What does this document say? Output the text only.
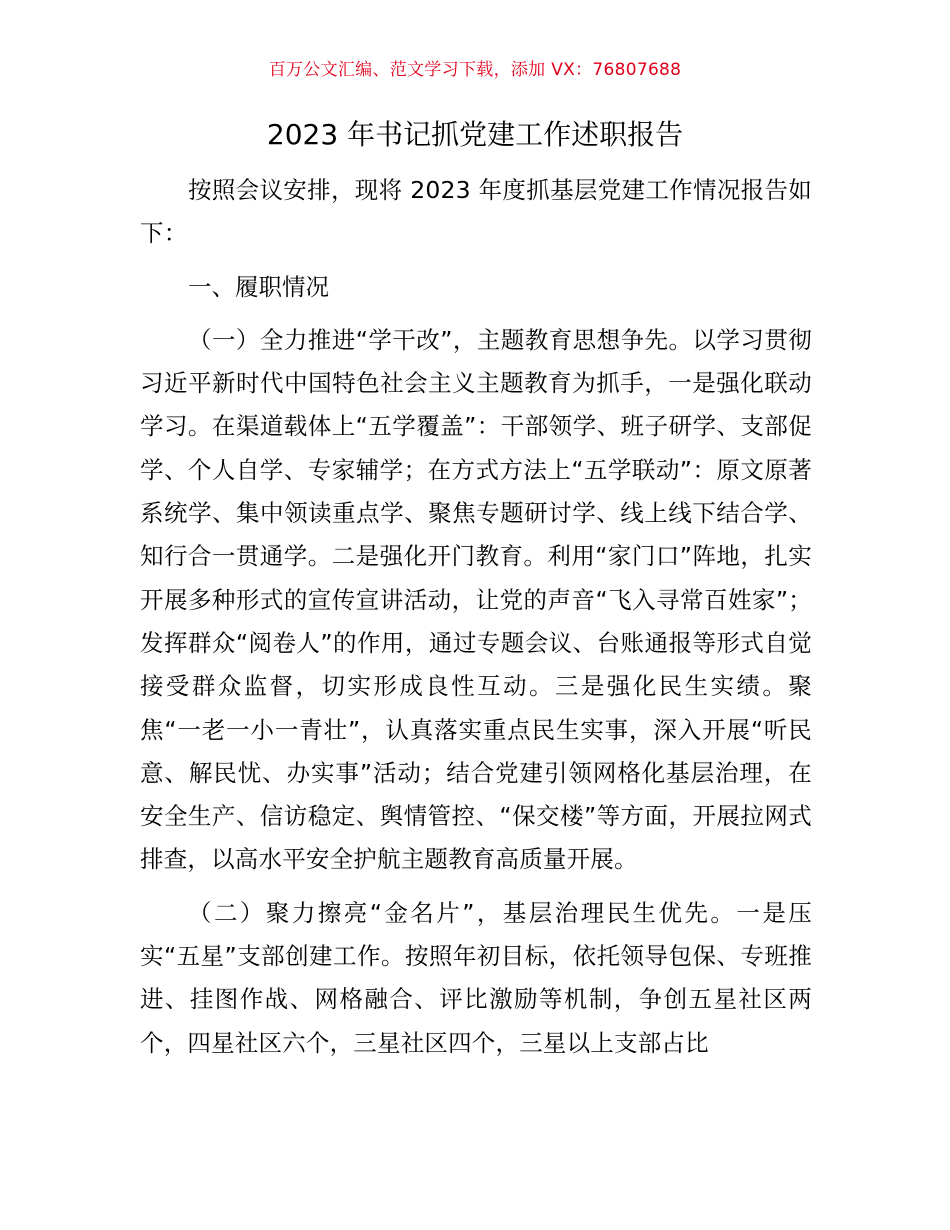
百万公文汇编、范文学习下载，添加 VX：76807688
2023 年书记抓党建工作述职报告

按照会议安排，现将 2023 年度抓基层党建工作情况报告如下：

一、履职情况

（一）全力推进“学干改”，主题教育思想争先。以学习贯彻习近平新时代中国特色社会主义主题教育为抓手，一是强化联动学习。在渠道载体上“五学覆盖”：干部领学、班子研学、支部促学、个人自学、专家辅学；在方式方法上“五学联动”：原文原著系统学、集中领读重点学、聚焦专题研讨学、线上线下结合学、知行合一贯通学。二是强化开门教育。利用“家门口”阵地，扎实开展多种形式的宣传宣讲活动，让党的声音“飞入寻常百姓家”；发挥群众“阅卷人”的作用，通过专题会议、台账通报等形式自觉接受群众监督，切实形成良性互动。三是强化民生实绩。聚焦“一老一小一青壮”，认真落实重点民生实事，深入开展“听民意、解民忧、办实事”活动；结合党建引领网格化基层治理，在安全生产、信访稳定、舆情管控、“保交楼”等方面，开展拉网式排查，以高水平安全护航主题教育高质量开展。

（二）聚力擦亮“金名片”，基层治理民生优先。一是压实“五星”支部创建工作。按照年初目标，依托领导包保、专班推进、挂图作战、网格融合、评比激励等机制，争创五星社区两个，四星社区六个，三星社区四个，三星以上支部占比
